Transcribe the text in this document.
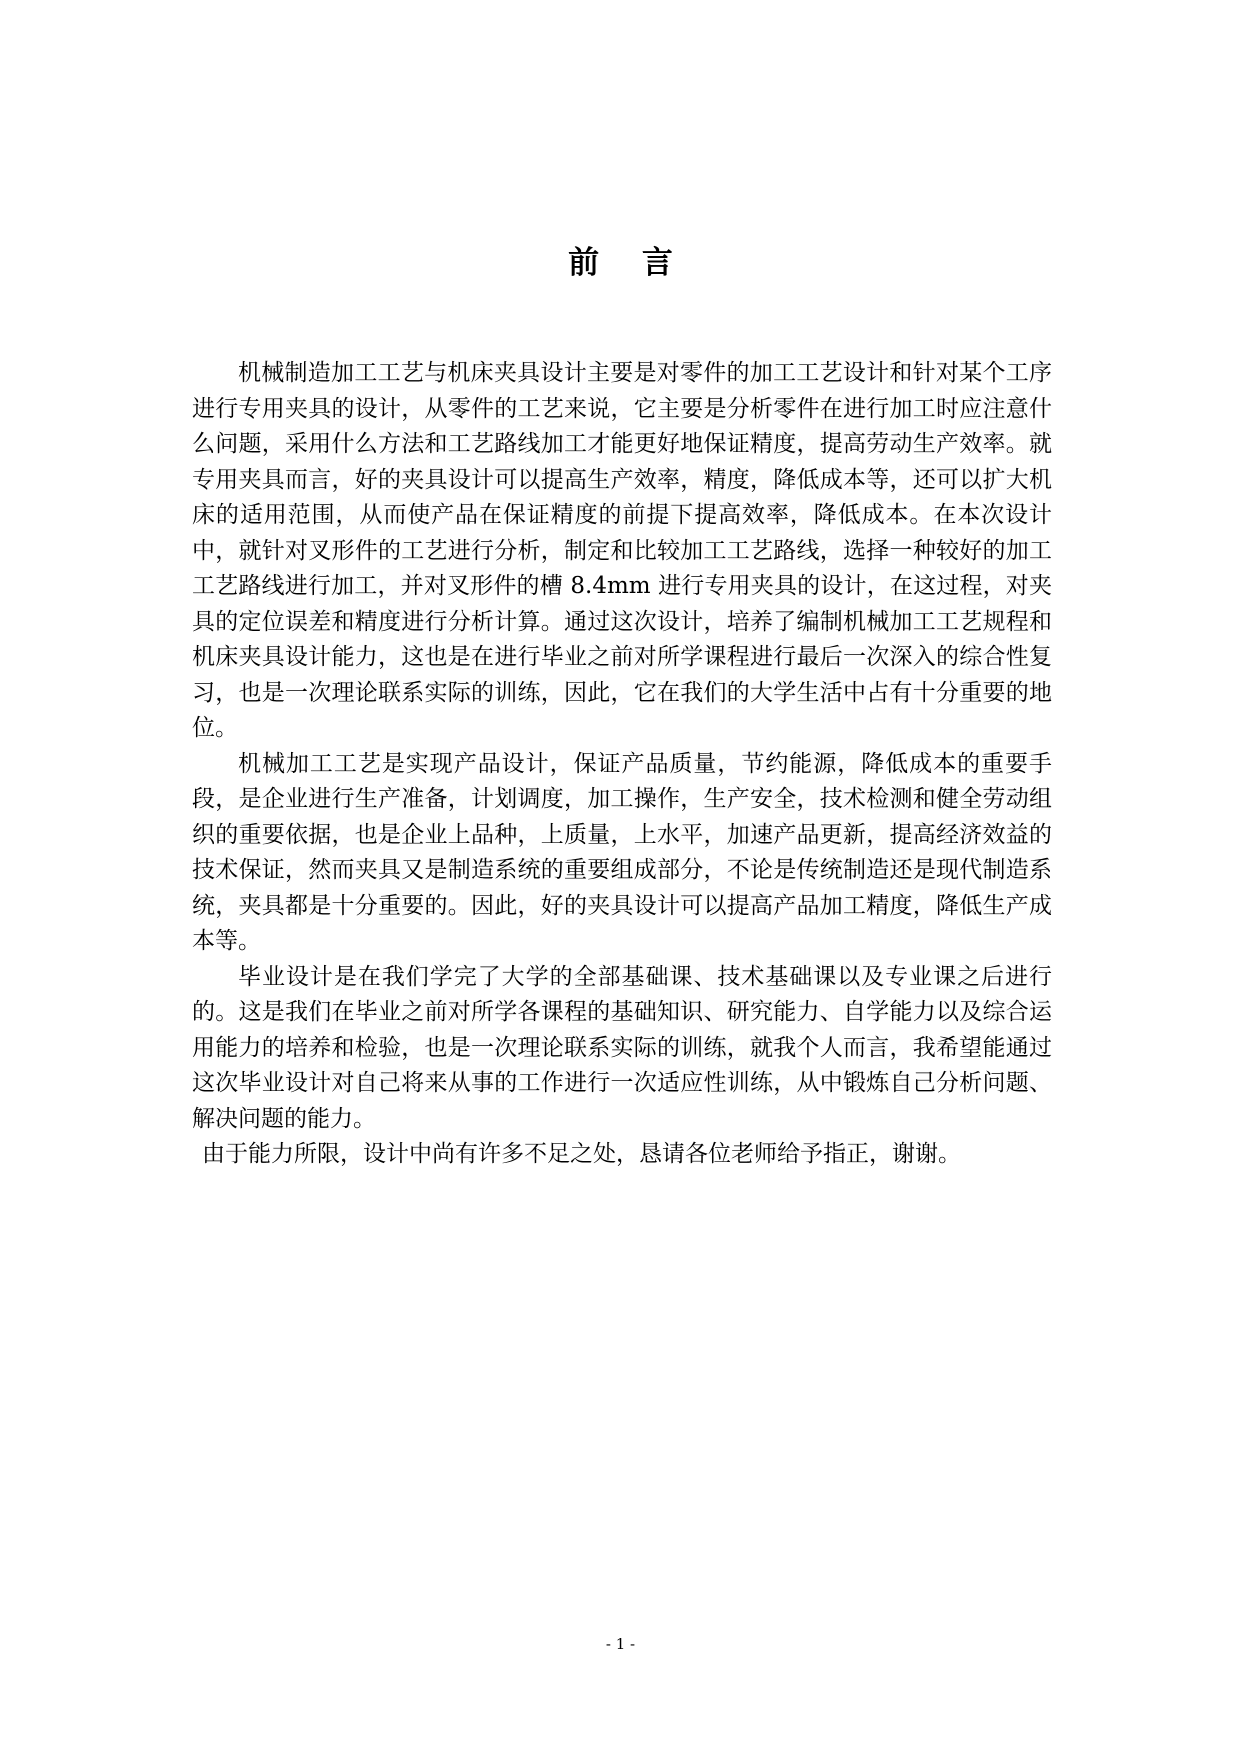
前 言

机械制造加工工艺与机床夹具设计主要是对零件的加工工艺设计和针对某个工序进行专用夹具的设计，从零件的工艺来说，它主要是分析零件在进行加工时应注意什么问题，采用什么方法和工艺路线加工才能更好地保证精度，提高劳动生产效率。就专用夹具而言，好的夹具设计可以提高生产效率，精度，降低成本等，还可以扩大机床的适用范围，从而使产品在保证精度的前提下提高效率，降低成本。在本次设计中，就针对叉形件的工艺进行分析，制定和比较加工工艺路线，选择一种较好的加工工艺路线进行加工，并对叉形件的槽 8.4mm 进行专用夹具的设计，在这过程，对夹具的定位误差和精度进行分析计算。通过这次设计，培养了编制机械加工工艺规程和机床夹具设计能力，这也是在进行毕业之前对所学课程进行最后一次深入的综合性复习，也是一次理论联系实际的训练，因此，它在我们的大学生活中占有十分重要的地位。

机械加工工艺是实现产品设计，保证产品质量，节约能源，降低成本的重要手段，是企业进行生产准备，计划调度，加工操作，生产安全，技术检测和健全劳动组织的重要依据，也是企业上品种，上质量，上水平，加速产品更新，提高经济效益的技术保证，然而夹具又是制造系统的重要组成部分，不论是传统制造还是现代制造系统，夹具都是十分重要的。因此，好的夹具设计可以提高产品加工精度，降低生产成本等。

毕业设计是在我们学完了大学的全部基础课、技术基础课以及专业课之后进行的。这是我们在毕业之前对所学各课程的基础知识、研究能力、自学能力以及综合运用能力的培养和检验，也是一次理论联系实际的训练，就我个人而言，我希望能通过这次毕业设计对自己将来从事的工作进行一次适应性训练，从中锻炼自己分析问题、解决问题的能力。

由于能力所限，设计中尚有许多不足之处，恳请各位老师给予指正，谢谢。

- 1 -
